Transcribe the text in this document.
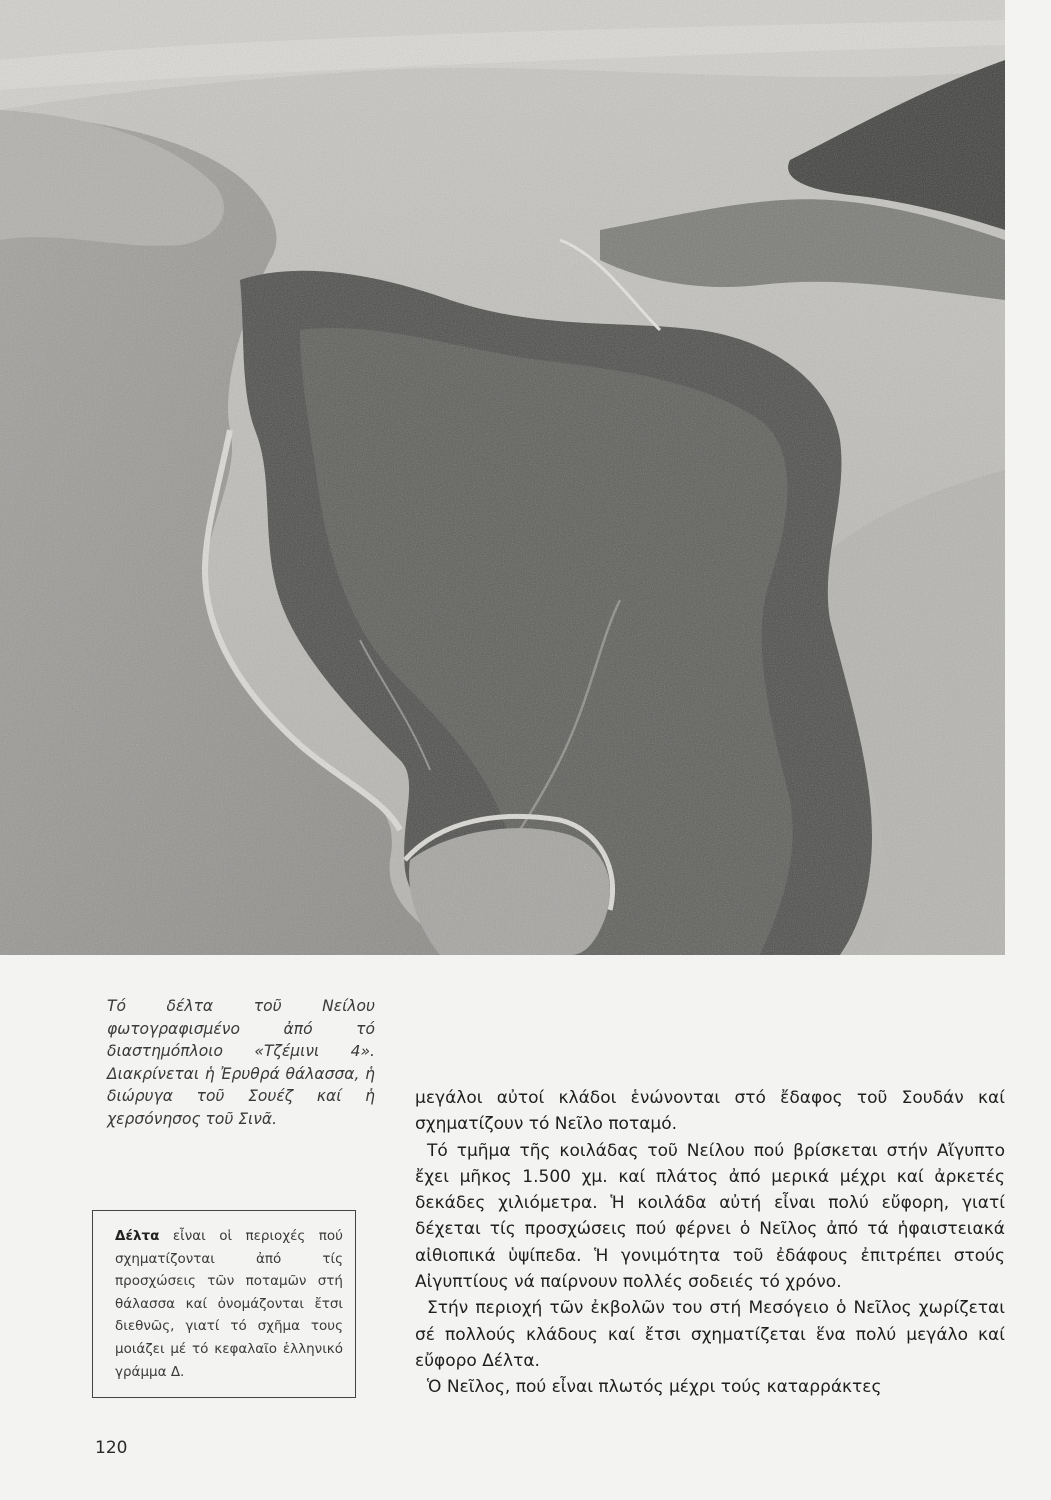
Τό δέλτα τοῦ Νείλου φωτογραφισμένο ἀπό τό διαστημόπλοιο «Τζέμινι 4». Διακρίνεται ἡ Ἐρυθρά θάλασσα, ἡ διώρυγα τοῦ Σουέζ καί ἡ χερσόνησος τοῦ Σινᾶ.
Δέλτα εἶναι οἱ περιοχές πού σχηματίζονται ἀπό τίς προσχώσεις τῶν ποταμῶν στή θάλασσα καί ὀνομάζονται ἔτσι διεθνῶς, γιατί τό σχῆμα τους μοιάζει μέ τό κεφαλαῖο ἑλληνικό γράμμα Δ.

μεγάλοι αὐτοί κλάδοι ἑνώνονται στό ἔδαφος τοῦ Σουδάν καί σχηματίζουν τό Νεῖλο ποταμό.

Τό τμῆμα τῆς κοιλάδας τοῦ Νείλου πού βρίσκεται στήν Αἴγυπτο ἔχει μῆκος 1.500 χμ. καί πλάτος ἀπό μερικά μέχρι καί ἀρκετές δεκάδες χιλιόμετρα. Ἡ κοιλάδα αὐτή εἶναι πολύ εὔφορη, γιατί δέχεται τίς προσχώσεις πού φέρνει ὁ Νεῖλος ἀπό τά ἡφαιστειακά αἰθιοπικά ὑψίπεδα. Ἡ γονιμότητα τοῦ ἐδάφους ἐπιτρέπει στούς Αἰγυπτίους νά παίρνουν πολλές σοδειές τό χρόνο.

Στήν περιοχή τῶν ἐκβολῶν του στή Μεσόγειο ὁ Νεῖλος χωρίζεται σέ πολλούς κλάδους καί ἔτσι σχηματίζεται ἕνα πολύ μεγάλο καί εὔφορο Δέλτα.

Ὁ Νεῖλος, πού εἶναι πλωτός μέχρι τούς καταρράκτες

120
